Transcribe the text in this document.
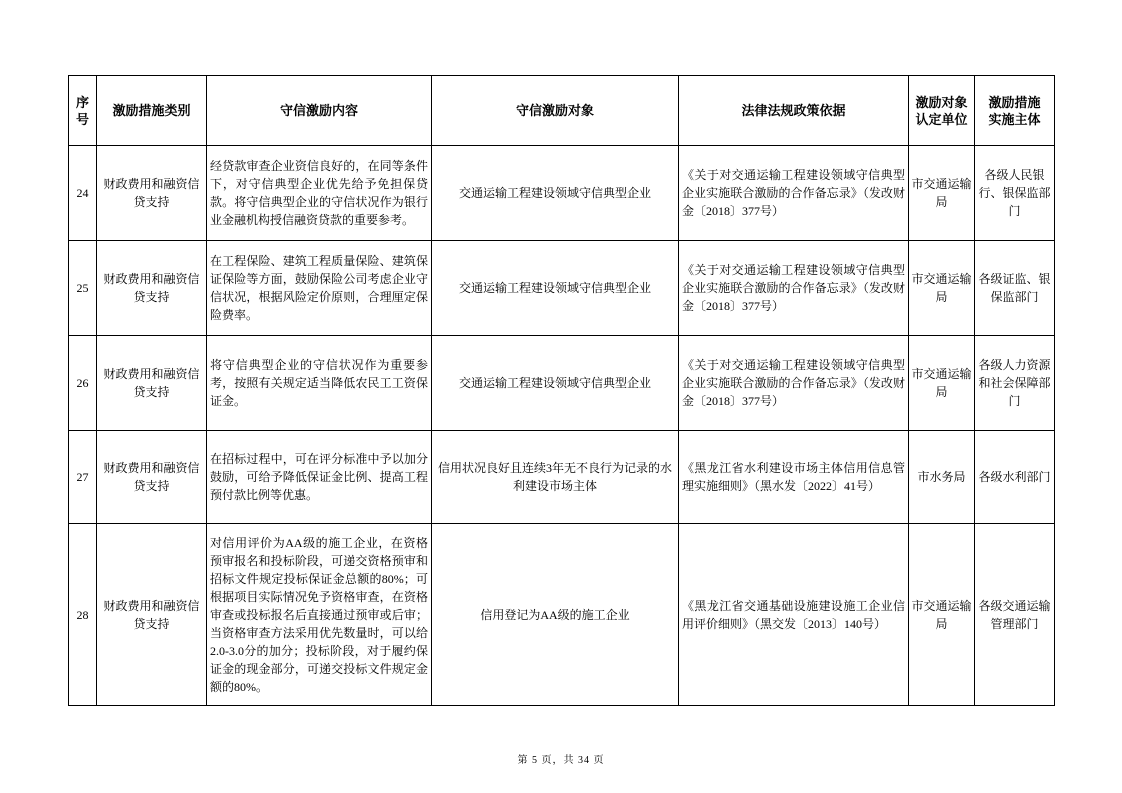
序号	激励措施类别	守信激励内容	守信激励对象	法律法规政策依据	激励对象认定单位	激励措施实施主体
24	财政费用和融资信贷支持	经贷款审查企业资信良好的，在同等条件下，对守信典型企业优先给予免担保贷款。将守信典型企业的守信状况作为银行业金融机构授信融资贷款的重要参考。	交通运输工程建设领域守信典型企业	《关于对交通运输工程建设领域守信典型企业实施联合激励的合作备忘录》（发改财金〔2018〕377号）	市交通运输局	各级人民银行、银保监部门
25	财政费用和融资信贷支持	在工程保险、建筑工程质量保险、建筑保证保险等方面，鼓励保险公司考虑企业守信状况，根据风险定价原则，合理厘定保险费率。	交通运输工程建设领域守信典型企业	《关于对交通运输工程建设领域守信典型企业实施联合激励的合作备忘录》（发改财金〔2018〕377号）	市交通运输局	各级证监、银保监部门
26	财政费用和融资信贷支持	将守信典型企业的守信状况作为重要参考，按照有关规定适当降低农民工工资保证金。	交通运输工程建设领域守信典型企业	《关于对交通运输工程建设领域守信典型企业实施联合激励的合作备忘录》（发改财金〔2018〕377号）	市交通运输局	各级人力资源和社会保障部门
27	财政费用和融资信贷支持	在招标过程中，可在评分标准中予以加分鼓励，可给予降低保证金比例、提高工程预付款比例等优惠。	信用状况良好且连续3年无不良行为记录的水利建设市场主体	《黑龙江省水利建设市场主体信用信息管理实施细则》（黑水发〔2022〕41号）	市水务局	各级水利部门
28	财政费用和融资信贷支持	对信用评价为AA级的施工企业，在资格预审报名和投标阶段，可递交资格预审和招标文件规定投标保证金总额的80%；可根据项目实际情况免予资格审查，在资格审查或投标报名后直接通过预审或后审；当资格审查方法采用优先数量时，可以给2.0-3.0分的加分；投标阶段，对于履约保证金的现金部分，可递交投标文件规定金额的80%。	信用登记为AA级的施工企业	《黑龙江省交通基础设施建设施工企业信用评价细则》（黑交发〔2013〕140号）	市交通运输局	各级交通运输管理部门
第 5 页，共 34 页
